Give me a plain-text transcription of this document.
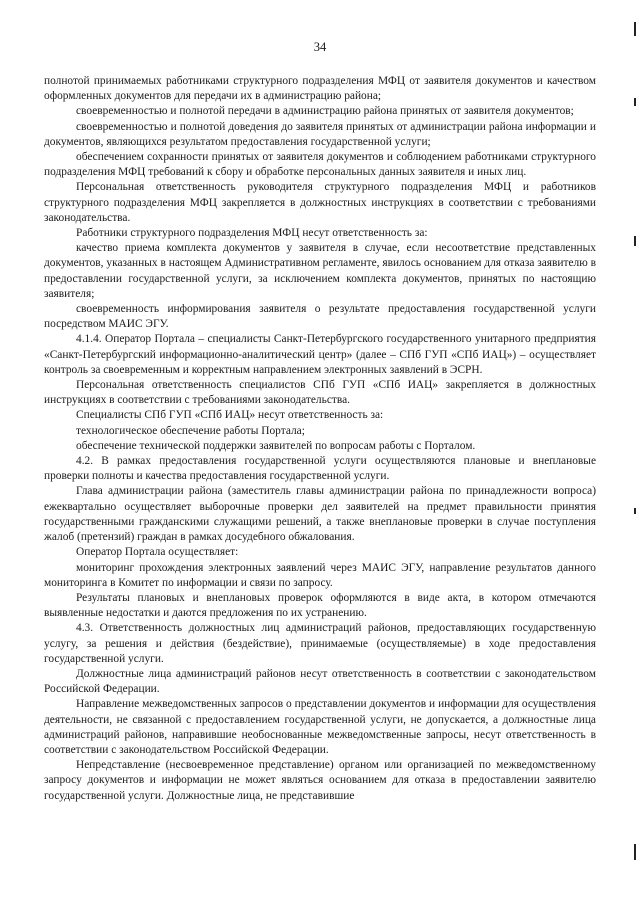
34

полнотой принимаемых работниками структурного подразделения МФЦ от заявителя документов и качеством оформленных документов для передачи их в администрацию района;

своевременностью и полнотой передачи в администрацию района принятых от заявителя документов;

своевременностью и полнотой доведения до заявителя принятых от администрации района информации и документов, являющихся результатом предоставления государственной услуги;

обеспечением сохранности принятых от заявителя документов и соблюдением работниками структурного подразделения МФЦ требований к сбору и обработке персональных данных заявителя и иных лиц.

Персональная ответственность руководителя структурного подразделения МФЦ и работников структурного подразделения МФЦ закрепляется в должностных инструкциях в соответствии с требованиями законодательства.

Работники структурного подразделения МФЦ несут ответственность за:

качество приема комплекта документов у заявителя в случае, если несоответствие представленных документов, указанных в настоящем Административном регламенте, явилось основанием для отказа заявителю в предоставлении государственной услуги, за исключением комплекта документов, принятых по настоящию заявителя;

своевременность информирования заявителя о результате предоставления государственной услуги посредством МАИС ЭГУ.

4.1.4. Оператор Портала – специалисты Санкт-Петербургского государственного унитарного предприятия «Санкт-Петербургский информационно-аналитический центр» (далее – СПб ГУП «СПб ИАЦ») – осуществляет контроль за своевременным и корректным направлением электронных заявлений в ЭСРН.

Персональная ответственность специалистов СПб ГУП «СПб ИАЦ» закрепляется в должностных инструкциях в соответствии с требованиями законодательства.

Специалисты СПб ГУП «СПб ИАЦ» несут ответственность за:

технологическое обеспечение работы Портала;

обеспечение технической поддержки заявителей по вопросам работы с Порталом.

4.2. В рамках предоставления государственной услуги осуществляются плановые и внеплановые проверки полноты и качества предоставления государственной услуги.

Глава администрации района (заместитель главы администрации района по принадлежности вопроса) ежеквартально осуществляет выборочные проверки дел заявителей на предмет правильности принятия государственными гражданскими служащими решений, а также внеплановые проверки в случае поступления жалоб (претензий) граждан в рамках досудебного обжалования.

Оператор Портала осуществляет:

мониторинг прохождения электронных заявлений через МАИС ЭГУ, направление результатов данного мониторинга в Комитет по информации и связи по запросу.

Результаты плановых и внеплановых проверок оформляются в виде акта, в котором отмечаются выявленные недостатки и даются предложения по их устранению.

4.3. Ответственность должностных лиц администраций районов, предоставляющих государственную услугу, за решения и действия (бездействие), принимаемые (осуществляемые) в ходе предоставления государственной услуги.

Должностные лица администраций районов несут ответственность в соответствии с законодательством Российской Федерации.

Направление межведомственных запросов о представлении документов и информации для осуществления деятельности, не связанной с предоставлением государственной услуги, не допускается, а должностные лица администраций районов, направившие необоснованные межведомственные запросы, несут ответственность в соответствии с законодательством Российской Федерации.

Непредставление (несвоевременное представление) органом или организацией по межведомственному запросу документов и информации не может являться основанием для отказа в предоставлении заявителю государственной услуги. Должностные лица, не представившие
